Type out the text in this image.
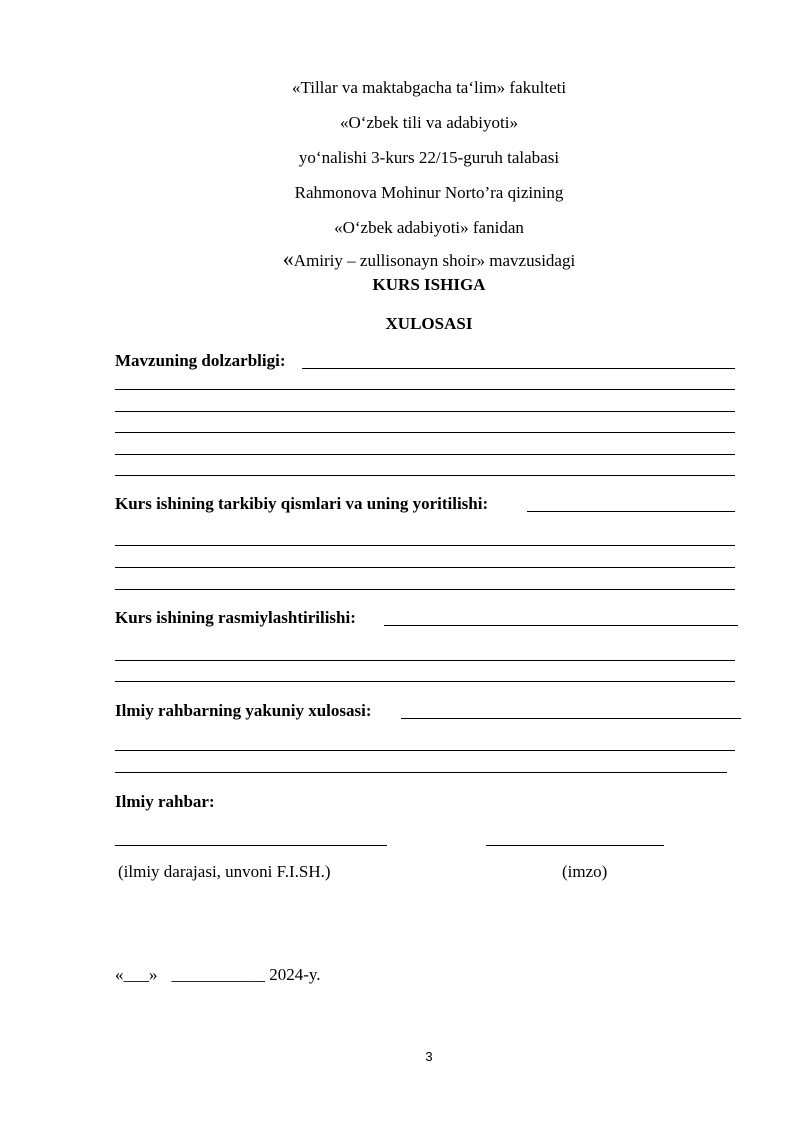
«Tillar va maktabgacha ta‘lim» fakulteti
«O‘zbek tili va adabiyoti»
yo‘nalishi 3-kurs 22/15-guruh talabasi
Rahmonova Mohinur Norto’ra qizining
«O‘zbek adabiyoti» fanidan
«Amiriy – zullisonayn shoir» mavzusidagi
KURS ISHIGA
XULOSASI
Mavzuning dolzarbligi:
Kurs ishining tarkibiy qismlari va uning yoritilishi:
Kurs ishining rasmiylashtirilishi:
Ilmiy rahbarning yakuniy xulosasi:
Ilmiy rahbar:
(ilmiy darajasi, unvoni F.I.SH.)	(imzo)
«___» ___________ 2024-y.
3
